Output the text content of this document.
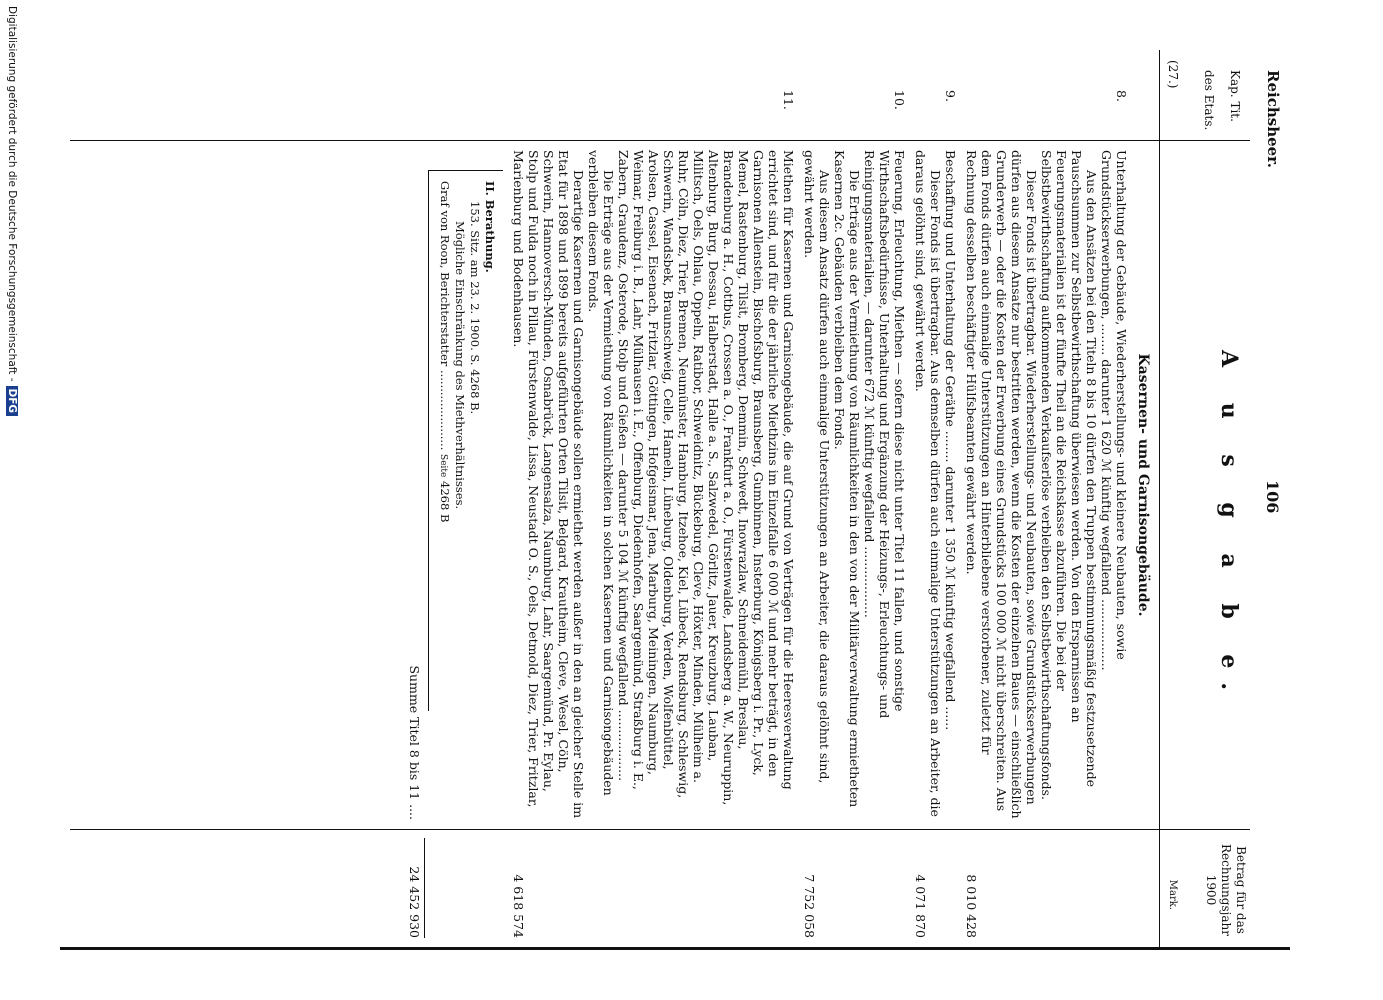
Digitalisierung gefördert durch die Deutsche Forschungsgemeinschaft -DFG
Reichsheer.
106
Kap. Tit.
des Etats.
(27.)
Betrag für das Rechnungsjahr 1900
Mark.
A u s g a b e.
Kasernen- und Garnisongebäude.
8.

Unterhaltung der Gebäude, Wiederherstellungs- und kleinere Neubauten, sowie Grundstückserwerbungen, ........ darunter 1 620 ℳ künftig wegfallend ..................

Aus den Ansätzen bei den Titeln 8 bis 10 dürfen den Truppen bestimmungsmäßig festzusetzende Pauschsummen zur Selbstbewirthschaftung überwiesen werden. Von den Ersparnissen an Feuerungsmaterialien ist der fünfte Theil an die Reichskasse abzuführen. Die bei der Selbstbewirthschaftung aufkommenden Verkaufserlöse verbleiben den Selbstbewirthschaftungsfonds.

Dieser Fonds ist übertragbar. Wiederherstellungs- und Neubauten, sowie Grundstückserwerbungen dürfen aus diesem Ansatze nur bestritten werden, wenn die Kosten der einzelnen Baues — einschließlich Grunderwerb — oder die Kosten der Erwerbung eines Grundstücks 100 000 ℳ nicht überschreiten. Aus dem Fonds dürfen auch einmalige Unterstützungen an Hinterbliebene verstorbener, zuletzt für Rechnung desselben beschäftigter Hülfsbeamten gewährt werden.

8 010 428
9.

Beschaffung und Unterhaltung der Geräthe ........ darunter 1 350 ℳ künftig wegfallend ......

Dieser Fonds ist übertragbar. Aus demselben dürfen auch einmalige Unterstützungen an Arbeiter, die daraus gelöhnt sind, gewährt werden.

4 071 870
10.

Feuerung, Erleuchtung, Miethen — sofern diese nicht unter Titel 11 fallen, und sonstige Wirthschaftsbedürfnisse, Unterhaltung und Ergänzung der Heizungs-, Erleuchtungs- und Reinigungsmaterialien, — darunter 672 ℳ künftig wegfallend ..................

Die Erträge aus der Vermiethung von Räumlichkeiten in den von der Militärverwaltung ermietheten Kasernen 2c. Gebäuden verbleiben dem Fonds.

Aus diesem Ansatz dürfen auch einmalige Unterstützungen an Arbeiter, die daraus gelöhnt sind, gewährt werden.

7 752 058
11.

Miethen für Kasernen und Garnisongebäude, die auf Grund von Verträgen für die Heeresverwaltung errichtet sind, und für die der jährliche Miethzins im Einzelfalle 6 000 ℳ und mehr beträgt, in den Garnisonen Allenstein, Bischofsburg, Braunsberg, Gumbinnen, Insterburg, Königsberg i. Pr., Lyck, Memel, Rastenburg, Tilsit, Bromberg, Demmin, Schwedt, Inowrazlaw, Schneidemühl, Breslau, Brandenburg a. H., Cottbus, Crossen a. O., Frankfurt a. O., Fürstenwalde, Landsberg a. W., Neuruppin, Altenburg, Burg, Dessau, Halberstadt, Halle a. S., Salzwedel, Görlitz, Jauer, Kreuzburg, Lauban, Militsch, Oels, Ohlau, Oppeln, Ratibor, Schweidnitz, Bückeburg, Cleve, Höxter, Minden, Mülheim a. Ruhr, Cöln, Diez, Trier, Bremen, Neumünster, Hamburg, Itzehoe, Kiel, Lübeck, Rendsburg, Schleswig, Schwerin, Wandsbek, Braunschweig, Celle, Hameln, Lüneburg, Oldenburg, Verden, Wolfenbüttel, Arolsen, Cassel, Eisenach, Fritzlar, Göttingen, Hofgeismar, Jena, Marburg, Meiningen, Naumburg, Weimar, Freiburg i. B., Lahr, Mülhausen i. E., Offenburg, Diedenhofen, Saargemünd, Straßburg i. E., Zabern, Graudenz, Osterode, Stolp und Gießen — darunter 5 104 ℳ künftig wegfallend ..................

Die Erträge aus der Vermiethung von Räumlichkeiten in solchen Kasernen und Garnisongebäuden verbleiben diesem Fonds.

Derartige Kasernen und Garnisongebäude sollen ermiethet werden außer in den an gleicher Stelle im Etat für 1898 und 1899 bereits aufgeführten Orten Tilsit, Belgard, Krautheim, Cleve, Wesel, Cöln, Schwerin, Hannoversch-Münden, Osnabrück, Langensalza, Naumburg, Lahr, Saargemünd, Pr. Eylau, Stolp und Fulda noch in Pillau, Fürstenwalde, Lissa, Neustadt O. S., Oels, Detmold, Diez, Trier, Fritzlar, Marienburg und Bodenhausen.

4 618 574
II. Berathung.
153. Sitz. am 23. 2. 1900. S. 4268 B.
Mögliche Einschränkung des Miethverhältnisses.
Graf von Roon, Berichterstatter ...................... Seite 4268 B
Summe Titel 8 bis 11 ....
24 452 930
